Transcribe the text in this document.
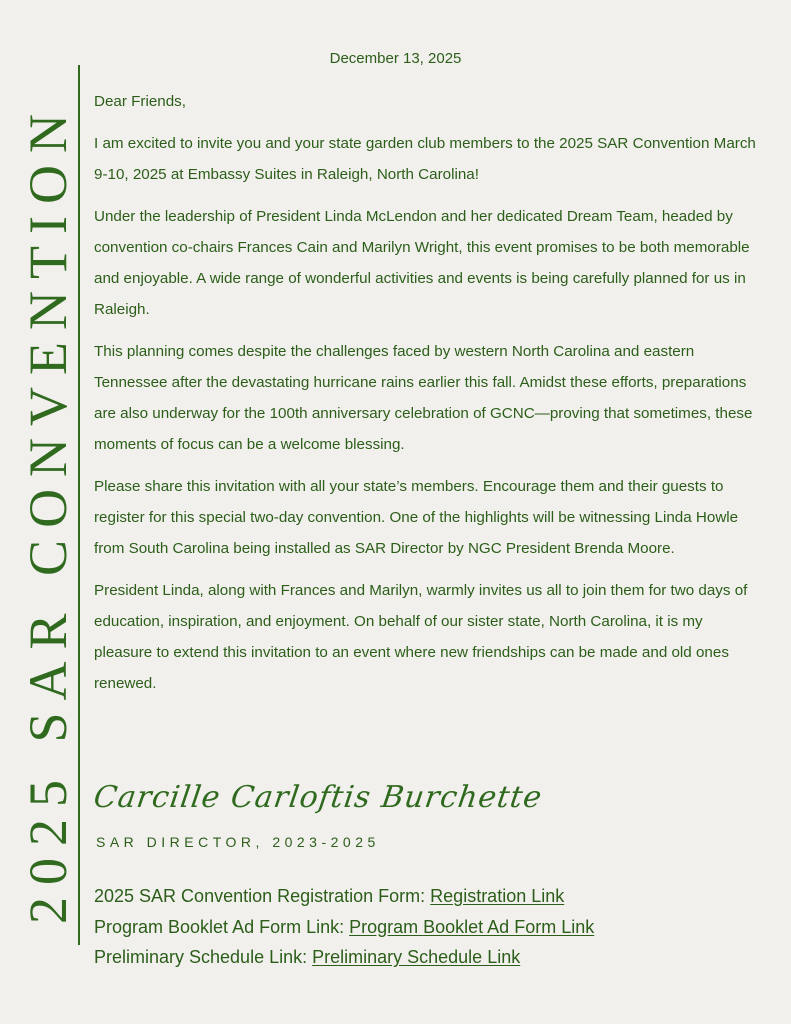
2025 SAR CONVENTION
December 13, 2025

Dear Friends,

I am excited to invite you and your state garden club members to the 2025 SAR Convention March 9-10, 2025 at Embassy Suites in Raleigh, North Carolina!

Under the leadership of President Linda McLendon and her dedicated Dream Team, headed by convention co-chairs Frances Cain and Marilyn Wright, this event promises to be both memorable and enjoyable. A wide range of wonderful activities and events is being carefully planned for us in Raleigh.

This planning comes despite the challenges faced by western North Carolina and eastern Tennessee after the devastating hurricane rains earlier this fall. Amidst these efforts, preparations are also underway for the 100th anniversary celebration of GCNC—proving that sometimes, these moments of focus can be a welcome blessing.

Please share this invitation with all your state’s members. Encourage them and their guests to register for this special two-day convention. One of the highlights will be witnessing Linda Howle from South Carolina being installed as SAR Director by NGC President Brenda Moore.

President Linda, along with Frances and Marilyn, warmly invites us all to join them for two days of education, inspiration, and enjoyment. On behalf of our sister state, North Carolina, it is my pleasure to extend this invitation to an event where new friendships can be made and old ones renewed.

Carcille Carloftis Burchette
SAR DIRECTOR, 2023-2025
2025 SAR Convention Registration Form: Registration Link
Program Booklet Ad Form Link: Program Booklet Ad Form Link
Preliminary Schedule Link: Preliminary Schedule Link
